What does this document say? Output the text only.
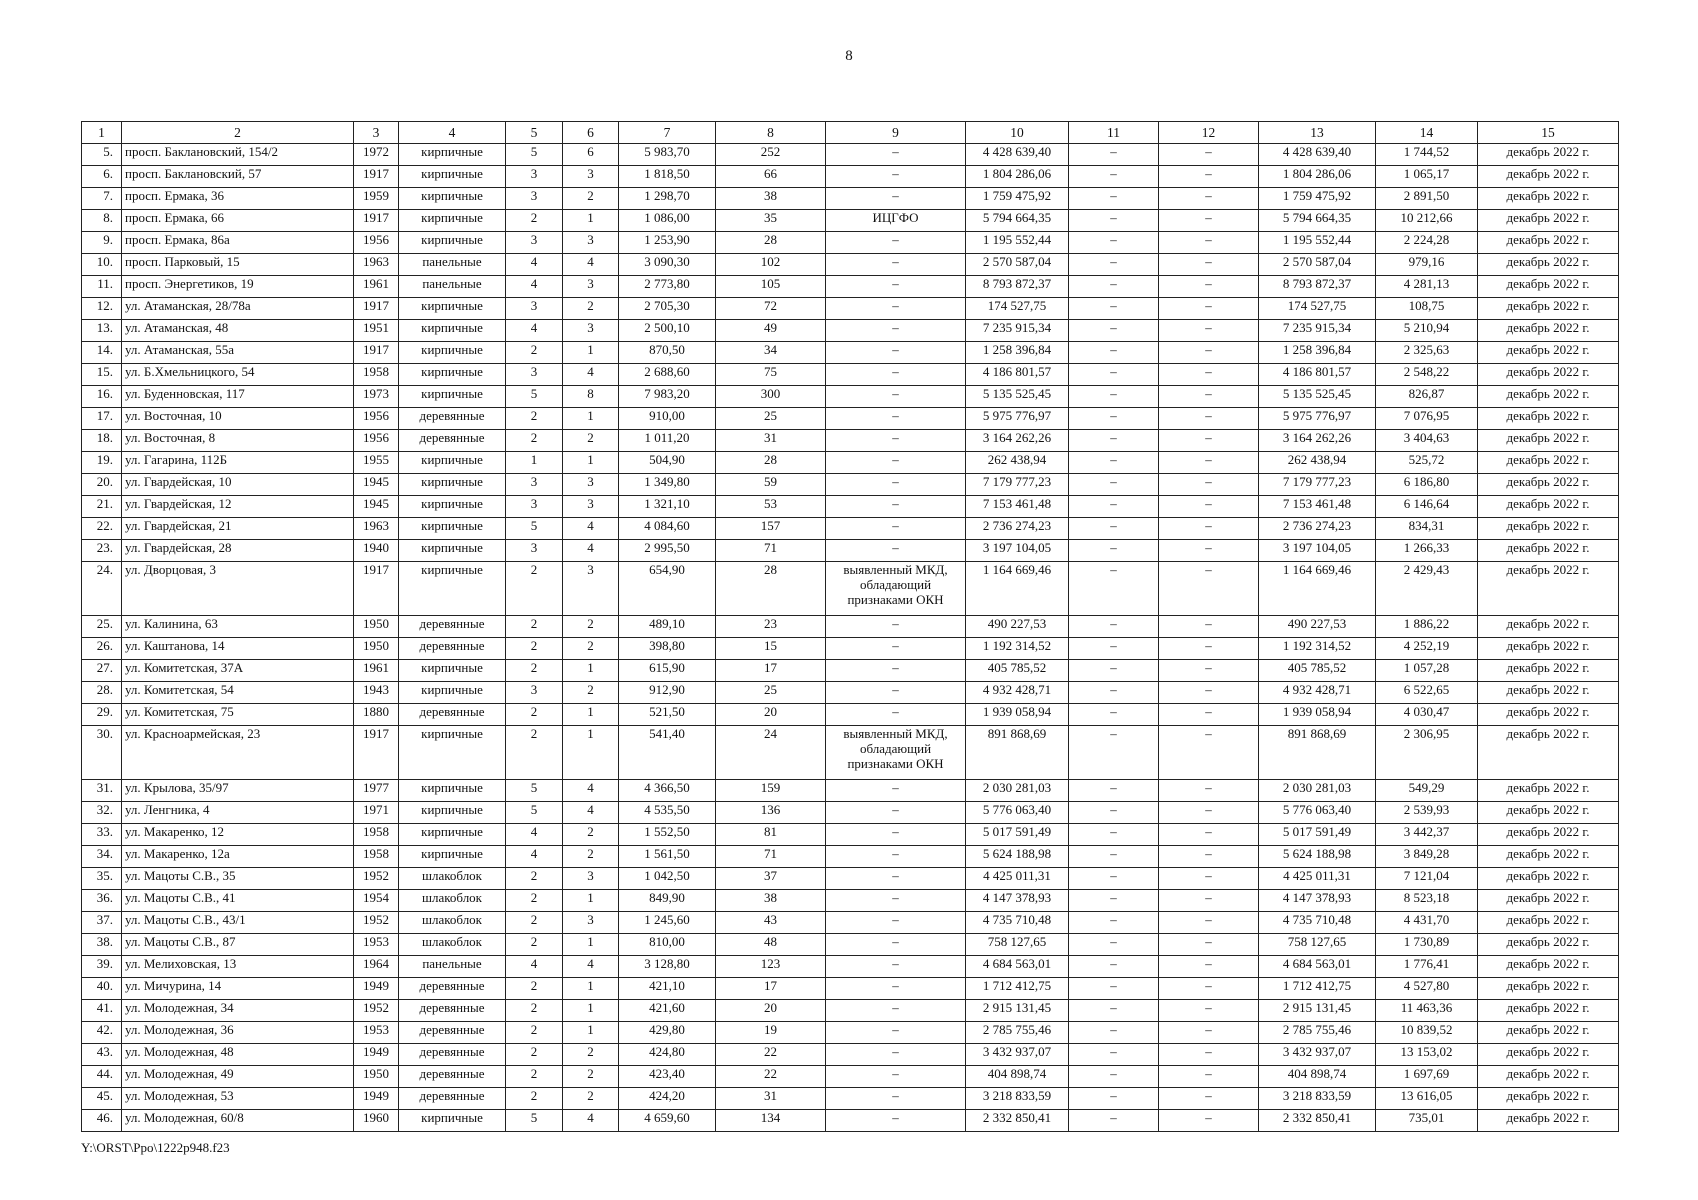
8
1	2	3	4	5	6	7	8	9	10	11	12	13	14	15
5.	просп. Баклановский, 154/2	1972	кирпичные	5	6	5 983,70	252	–	4 428 639,40	–	–	4 428 639,40	1 744,52	декабрь 2022 г.
6.	просп. Баклановский, 57	1917	кирпичные	3	3	1 818,50	66	–	1 804 286,06	–	–	1 804 286,06	1 065,17	декабрь 2022 г.
7.	просп. Ермака, 36	1959	кирпичные	3	2	1 298,70	38	–	1 759 475,92	–	–	1 759 475,92	2 891,50	декабрь 2022 г.
8.	просп. Ермака, 66	1917	кирпичные	2	1	1 086,00	35	ИЦГФО	5 794 664,35	–	–	5 794 664,35	10 212,66	декабрь 2022 г.
9.	просп. Ермака, 86а	1956	кирпичные	3	3	1 253,90	28	–	1 195 552,44	–	–	1 195 552,44	2 224,28	декабрь 2022 г.
10.	просп. Парковый, 15	1963	панельные	4	4	3 090,30	102	–	2 570 587,04	–	–	2 570 587,04	979,16	декабрь 2022 г.
11.	просп. Энергетиков, 19	1961	панельные	4	3	2 773,80	105	–	8 793 872,37	–	–	8 793 872,37	4 281,13	декабрь 2022 г.
12.	ул. Атаманская, 28/78а	1917	кирпичные	3	2	2 705,30	72	–	174 527,75	–	–	174 527,75	108,75	декабрь 2022 г.
13.	ул. Атаманская, 48	1951	кирпичные	4	3	2 500,10	49	–	7 235 915,34	–	–	7 235 915,34	5 210,94	декабрь 2022 г.
14.	ул. Атаманская, 55а	1917	кирпичные	2	1	870,50	34	–	1 258 396,84	–	–	1 258 396,84	2 325,63	декабрь 2022 г.
15.	ул. Б.Хмельницкого, 54	1958	кирпичные	3	4	2 688,60	75	–	4 186 801,57	–	–	4 186 801,57	2 548,22	декабрь 2022 г.
16.	ул. Буденновская, 117	1973	кирпичные	5	8	7 983,20	300	–	5 135 525,45	–	–	5 135 525,45	826,87	декабрь 2022 г.
17.	ул. Восточная, 10	1956	деревянные	2	1	910,00	25	–	5 975 776,97	–	–	5 975 776,97	7 076,95	декабрь 2022 г.
18.	ул. Восточная, 8	1956	деревянные	2	2	1 011,20	31	–	3 164 262,26	–	–	3 164 262,26	3 404,63	декабрь 2022 г.
19.	ул. Гагарина, 112Б	1955	кирпичные	1	1	504,90	28	–	262 438,94	–	–	262 438,94	525,72	декабрь 2022 г.
20.	ул. Гвардейская, 10	1945	кирпичные	3	3	1 349,80	59	–	7 179 777,23	–	–	7 179 777,23	6 186,80	декабрь 2022 г.
21.	ул. Гвардейская, 12	1945	кирпичные	3	3	1 321,10	53	–	7 153 461,48	–	–	7 153 461,48	6 146,64	декабрь 2022 г.
22.	ул. Гвардейская, 21	1963	кирпичные	5	4	4 084,60	157	–	2 736 274,23	–	–	2 736 274,23	834,31	декабрь 2022 г.
23.	ул. Гвардейская, 28	1940	кирпичные	3	4	2 995,50	71	–	3 197 104,05	–	–	3 197 104,05	1 266,33	декабрь 2022 г.
24.	ул. Дворцовая, 3	1917	кирпичные	2	3	654,90	28	выявленный МКД, обладающий признаками ОКН	1 164 669,46	–	–	1 164 669,46	2 429,43	декабрь 2022 г.
25.	ул. Калинина, 63	1950	деревянные	2	2	489,10	23	–	490 227,53	–	–	490 227,53	1 886,22	декабрь 2022 г.
26.	ул. Каштанова, 14	1950	деревянные	2	2	398,80	15	–	1 192 314,52	–	–	1 192 314,52	4 252,19	декабрь 2022 г.
27.	ул. Комитетская, 37А	1961	кирпичные	2	1	615,90	17	–	405 785,52	–	–	405 785,52	1 057,28	декабрь 2022 г.
28.	ул. Комитетская, 54	1943	кирпичные	3	2	912,90	25	–	4 932 428,71	–	–	4 932 428,71	6 522,65	декабрь 2022 г.
29.	ул. Комитетская, 75	1880	деревянные	2	1	521,50	20	–	1 939 058,94	–	–	1 939 058,94	4 030,47	декабрь 2022 г.
30.	ул. Красноармейская, 23	1917	кирпичные	2	1	541,40	24	выявленный МКД, обладающий признаками ОКН	891 868,69	–	–	891 868,69	2 306,95	декабрь 2022 г.
31.	ул. Крылова, 35/97	1977	кирпичные	5	4	4 366,50	159	–	2 030 281,03	–	–	2 030 281,03	549,29	декабрь 2022 г.
32.	ул. Ленгника, 4	1971	кирпичные	5	4	4 535,50	136	–	5 776 063,40	–	–	5 776 063,40	2 539,93	декабрь 2022 г.
33.	ул. Макаренко, 12	1958	кирпичные	4	2	1 552,50	81	–	5 017 591,49	–	–	5 017 591,49	3 442,37	декабрь 2022 г.
34.	ул. Макаренко, 12а	1958	кирпичные	4	2	1 561,50	71	–	5 624 188,98	–	–	5 624 188,98	3 849,28	декабрь 2022 г.
35.	ул. Мацоты С.В., 35	1952	шлакоблок	2	3	1 042,50	37	–	4 425 011,31	–	–	4 425 011,31	7 121,04	декабрь 2022 г.
36.	ул. Мацоты С.В., 41	1954	шлакоблок	2	1	849,90	38	–	4 147 378,93	–	–	4 147 378,93	8 523,18	декабрь 2022 г.
37.	ул. Мацоты С.В., 43/1	1952	шлакоблок	2	3	1 245,60	43	–	4 735 710,48	–	–	4 735 710,48	4 431,70	декабрь 2022 г.
38.	ул. Мацоты С.В., 87	1953	шлакоблок	2	1	810,00	48	–	758 127,65	–	–	758 127,65	1 730,89	декабрь 2022 г.
39.	ул. Мелиховская, 13	1964	панельные	4	4	3 128,80	123	–	4 684 563,01	–	–	4 684 563,01	1 776,41	декабрь 2022 г.
40.	ул. Мичурина, 14	1949	деревянные	2	1	421,10	17	–	1 712 412,75	–	–	1 712 412,75	4 527,80	декабрь 2022 г.
41.	ул. Молодежная, 34	1952	деревянные	2	1	421,60	20	–	2 915 131,45	–	–	2 915 131,45	11 463,36	декабрь 2022 г.
42.	ул. Молодежная, 36	1953	деревянные	2	1	429,80	19	–	2 785 755,46	–	–	2 785 755,46	10 839,52	декабрь 2022 г.
43.	ул. Молодежная, 48	1949	деревянные	2	2	424,80	22	–	3 432 937,07	–	–	3 432 937,07	13 153,02	декабрь 2022 г.
44.	ул. Молодежная, 49	1950	деревянные	2	2	423,40	22	–	404 898,74	–	–	404 898,74	1 697,69	декабрь 2022 г.
45.	ул. Молодежная, 53	1949	деревянные	2	2	424,20	31	–	3 218 833,59	–	–	3 218 833,59	13 616,05	декабрь 2022 г.
46.	ул. Молодежная, 60/8	1960	кирпичные	5	4	4 659,60	134	–	2 332 850,41	–	–	2 332 850,41	735,01	декабрь 2022 г.
Y:\ORST\Ppo\1222p948.f23
